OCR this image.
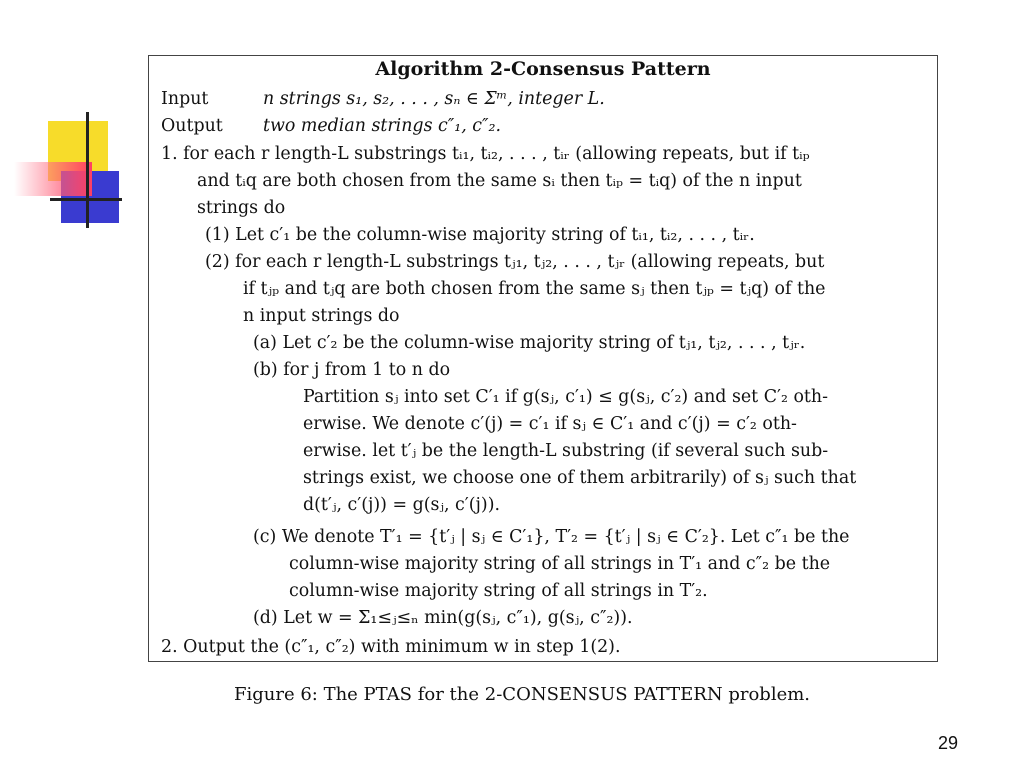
Algorithm 2-Consensus Pattern
Input	n strings s₁, s₂, . . . , sₙ ∈ Σᵐ, integer L.
Output two median strings c″₁, c″₂.
1. for each r length-L substrings tᵢ₁, tᵢ₂, . . . , tᵢᵣ (allowing repeats, but if tᵢₚ
and tᵢq are both chosen from the same sᵢ then tᵢₚ = tᵢq) of the n input
strings do
(1) Let c′₁ be the column-wise majority string of tᵢ₁, tᵢ₂, . . . , tᵢᵣ.
(2) for each r length-L substrings tⱼ₁, tⱼ₂, . . . , tⱼᵣ (allowing repeats, but
if tⱼₚ and tⱼq are both chosen from the same sⱼ then tⱼₚ = tⱼq) of the
n input strings do
(a) Let c′₂ be the column-wise majority string of tⱼ₁, tⱼ₂, . . . , tⱼᵣ.
(b) for j from 1 to n do
Partition sⱼ into set C′₁ if g(sⱼ, c′₁) ≤ g(sⱼ, c′₂) and set C′₂ oth-
erwise. We denote c′(j) = c′₁ if sⱼ ∈ C′₁ and c′(j) = c′₂ oth-
erwise. let t′ⱼ be the length-L substring (if several such sub-
strings exist, we choose one of them arbitrarily) of sⱼ such that
d(t′ⱼ, c′(j)) = g(sⱼ, c′(j)).
(c) We denote T′₁ = {t′ⱼ | sⱼ ∈ C′₁}, T′₂ = {t′ⱼ | sⱼ ∈ C′₂}. Let c″₁ be the
column-wise majority string of all strings in T′₁ and c″₂ be the
column-wise majority string of all strings in T′₂.
(d) Let w = Σ₁≤ⱼ≤ₙ min(g(sⱼ, c″₁), g(sⱼ, c″₂)).
2. Output the (c″₁, c″₂) with minimum w in step 1(2).
Figure 6: The PTAS for the 2-CONSENSUS PATTERN problem.
29
